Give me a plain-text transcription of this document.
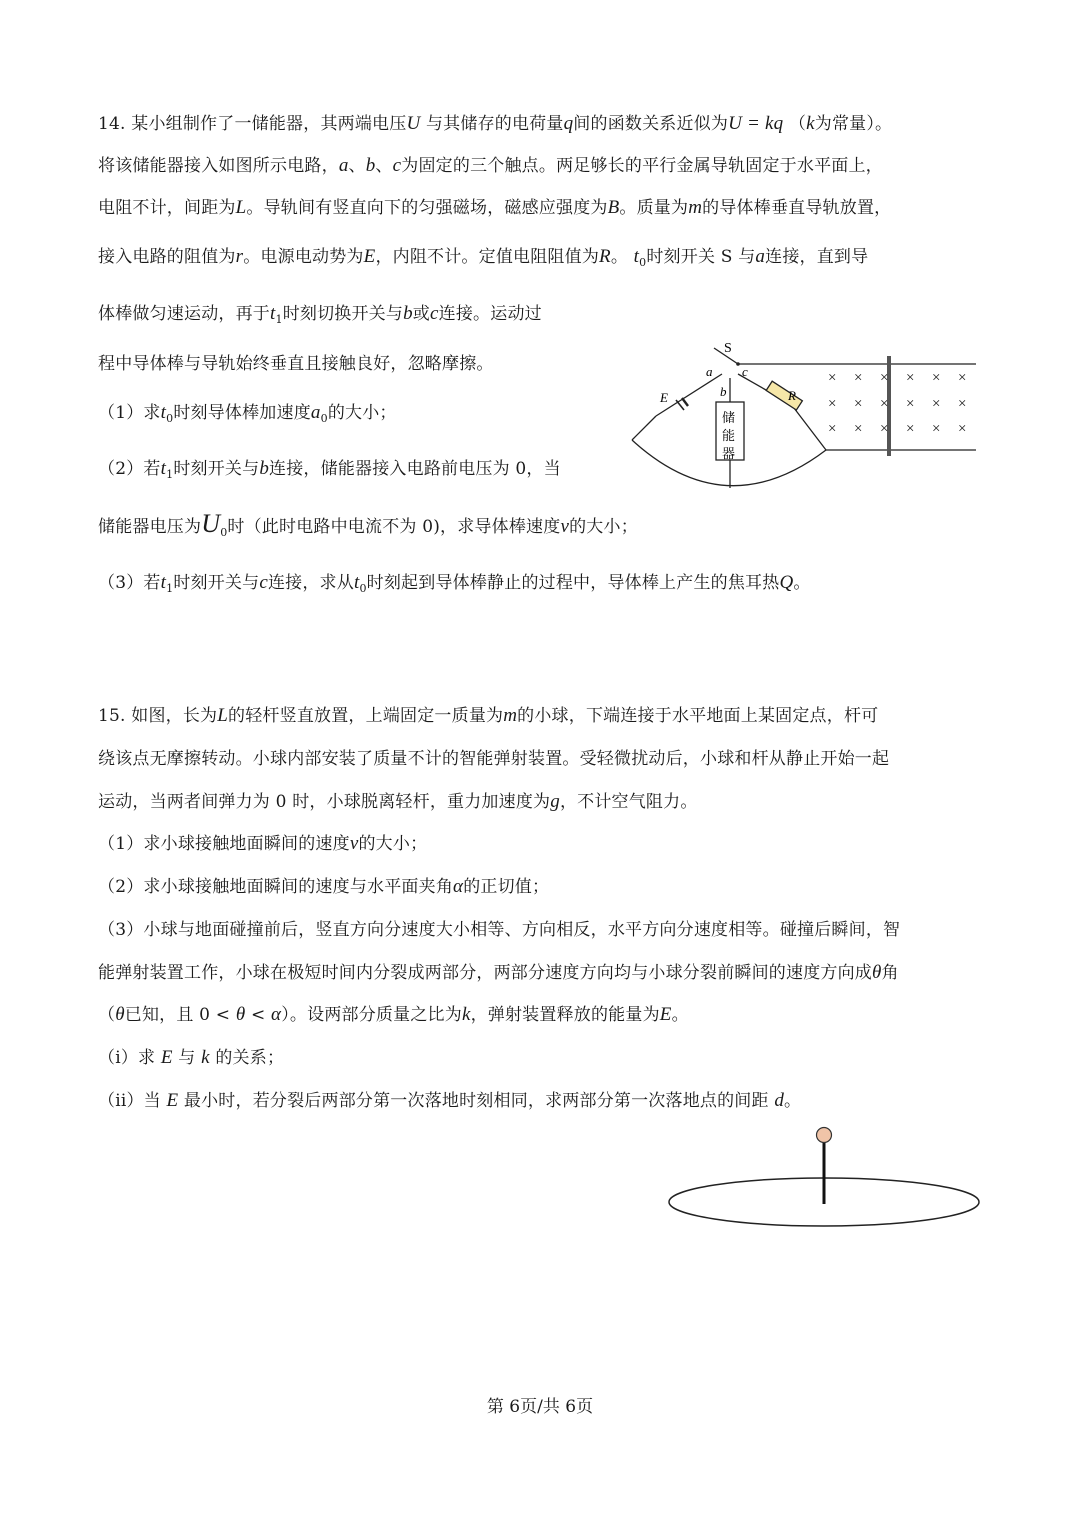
14. 某小组制作了一储能器，其两端电压U 与其储存的电荷量q间的函数关系近似为U = kq （k为常量）。
将该储能器接入如图所示电路，a、b、c为固定的三个触点。两足够长的平行金属导轨固定于水平面上，
电阻不计，间距为L。导轨间有竖直向下的匀强磁场，磁感应强度为B。质量为m的导体棒垂直导轨放置，
接入电路的阻值为r。电源电动势为E，内阻不计。定值电阻阻值为R。 $t_0$时刻开关 S 与a连接，直到导
体棒做匀速运动，再于$t_1$时刻切换开关与b或c连接。运动过
程中导体棒与导轨始终垂直且接触良好，忽略摩擦。
（1）求$t_0$时刻导体棒加速度$a_0$的大小；
（2）若$t_1$时刻开关与b连接，储能器接入电路前电压为 0，当
储能器电压为$U_0$时（此时电路中电流不为 0)，求导体棒速度v的大小；
（3）若$t_1$时刻开关与c连接，求从$t_0$时刻起到导体棒静止的过程中，导体棒上产生的焦耳热Q。
S
a
b
c
E	R
储
能
器
× × × × × ×
× × × × × ×
× × × × × ×
15. 如图，长为L的轻杆竖直放置，上端固定一质量为m的小球，下端连接于水平地面上某固定点，杆可
绕该点无摩擦转动。小球内部安装了质量不计的智能弹射装置。受轻微扰动后，小球和杆从静止开始一起
运动，当两者间弹力为 0 时，小球脱离轻杆，重力加速度为g，不计空气阻力。
（1）求小球接触地面瞬间的速度v的大小；
（2）求小球接触地面瞬间的速度与水平面夹角α的正切值；
（3）小球与地面碰撞前后，竖直方向分速度大小相等、方向相反，水平方向分速度相等。碰撞后瞬间，智
能弹射装置工作，小球在极短时间内分裂成两部分，两部分速度方向均与小球分裂前瞬间的速度方向成θ角
（θ已知，且 0 < θ < α）。设两部分质量之比为k，弹射装置释放的能量为E。
（i）求 E 与 k 的关系；
（ii）当 E 最小时，若分裂后两部分第一次落地时刻相同，求两部分第一次落地点的间距 d。
第 6页/共 6页
